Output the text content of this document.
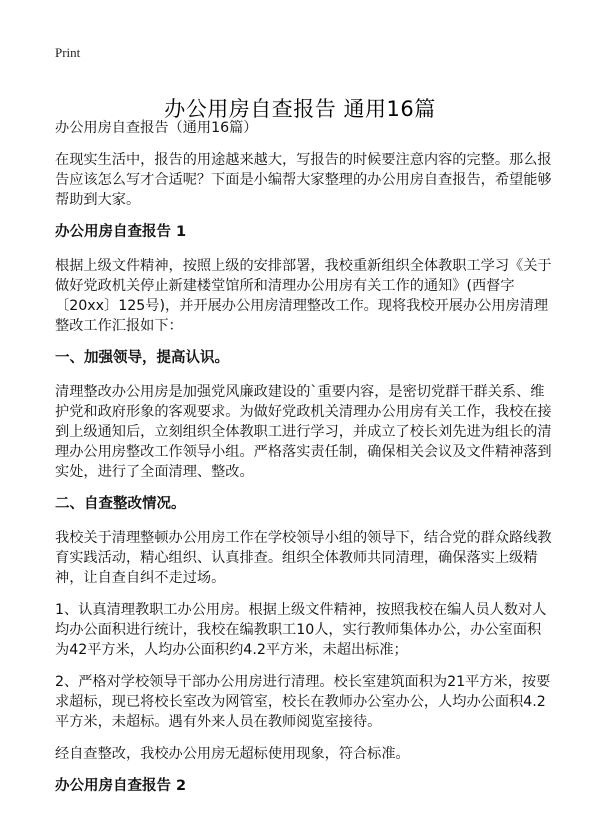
Print
办公用房自查报告 通用16篇

办公用房自查报告（通用16篇）

在现实生活中，报告的用途越来越大，写报告的时候要注意内容的完整。那么报告应该怎么写才合适呢？下面是小编帮大家整理的办公用房自查报告，希望能够帮助到大家。

办公用房自查报告 1

根据上级文件精神，按照上级的安排部署，我校重新组织全体教职工学习《关于做好党政机关停止新建楼堂馆所和清理办公用房有关工作的通知》(西督字〔20xx〕125号)，并开展办公用房清理整改工作。现将我校开展办公用房清理整改工作汇报如下：

一、加强领导，提高认识。

清理整改办公用房是加强党风廉政建设的`重要内容，是密切党群干群关系、维护党和政府形象的客观要求。为做好党政机关清理办公用房有关工作，我校在接到上级通知后，立刻组织全体教职工进行学习，并成立了校长刘先进为组长的清理办公用房整改工作领导小组。严格落实责任制，确保相关会议及文件精神落到实处，进行了全面清理、整改。

二、自查整改情况。

我校关于清理整顿办公用房工作在学校领导小组的领导下，结合党的群众路线教育实践活动，精心组织、认真排查。组织全体教师共同清理，确保落实上级精神，让自查自纠不走过场。

1、认真清理教职工办公用房。根据上级文件精神，按照我校在编人员人数对人均办公面积进行统计，我校在编教职工10人，实行教师集体办公，办公室面积为42平方米，人均办公面积约4.2平方米，未超出标准；

2、严格对学校领导干部办公用房进行清理。校长室建筑面积为21平方米，按要求超标，现已将校长室改为网管室，校长在教师办公室办公，人均办公面积4.2平方米，未超标。遇有外来人员在教师阅览室接待。

经自查整改，我校办公用房无超标使用现象，符合标准。

办公用房自查报告 2
